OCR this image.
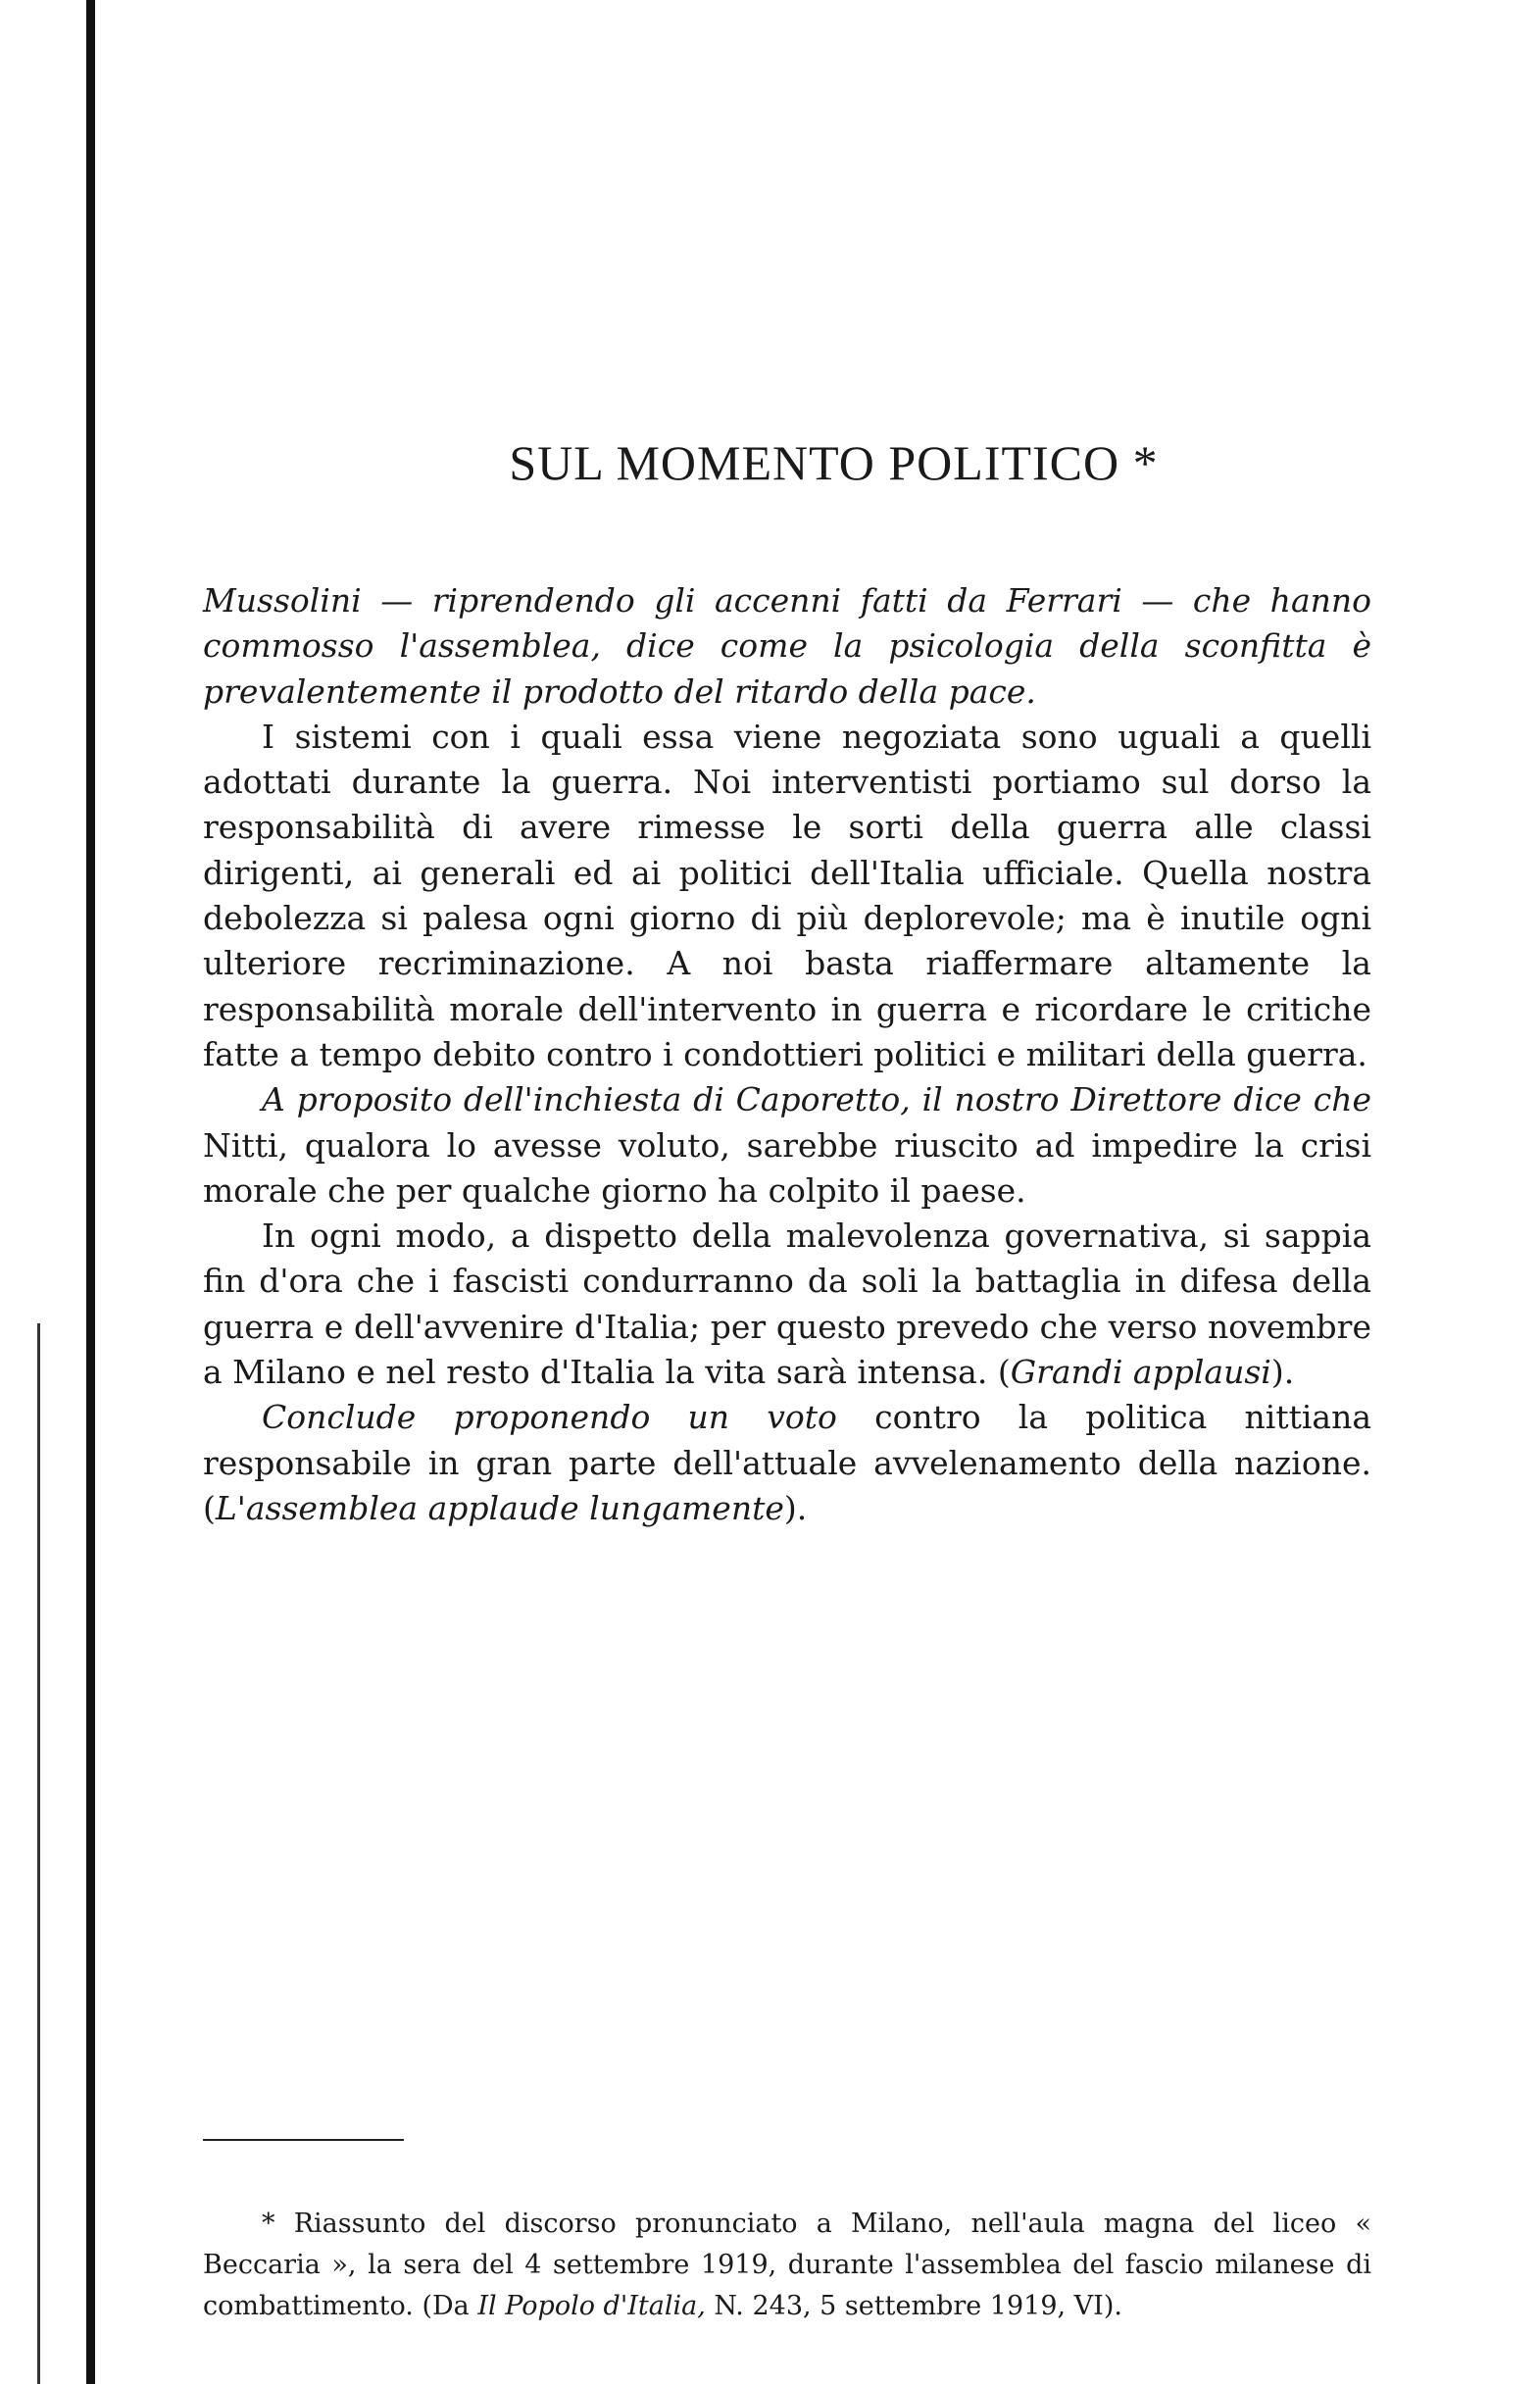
SUL MOMENTO POLITICO *

Mussolini — riprendendo gli accenni fatti da Ferrari — che hanno commosso l'assemblea, dice come la psicologia della sconfitta è prevalentemente il prodotto del ritardo della pace.

I sistemi con i quali essa viene negoziata sono uguali a quelli adottati durante la guerra. Noi interventisti portiamo sul dorso la responsabilità di avere rimesse le sorti della guerra alle classi dirigenti, ai generali ed ai politici dell'Italia ufficiale. Quella nostra debolezza si palesa ogni giorno di più deplorevole; ma è inutile ogni ulteriore recriminazione. A noi basta riaffermare altamente la responsabilità morale dell'intervento in guerra e ricordare le critiche fatte a tempo debito contro i condottieri politici e militari della guerra.

A proposito dell'inchiesta di Caporetto, il nostro Direttore dice che Nitti, qualora lo avesse voluto, sarebbe riuscito ad impedire la crisi morale che per qualche giorno ha colpito il paese.

In ogni modo, a dispetto della malevolenza governativa, si sappia fin d'ora che i fascisti condurranno da soli la battaglia in difesa della guerra e dell'avvenire d'Italia; per questo prevedo che verso novembre a Milano e nel resto d'Italia la vita sarà intensa. (Grandi applausi).

Conclude proponendo un voto contro la politica nittiana responsabile in gran parte dell'attuale avvelenamento della nazione. (L'assemblea applaude lungamente).

* Riassunto del discorso pronunciato a Milano, nell'aula magna del liceo « Beccaria », la sera del 4 settembre 1919, durante l'assemblea del fascio milanese di combattimento. (Da Il Popolo d'Italia, N. 243, 5 settembre 1919, VI).
